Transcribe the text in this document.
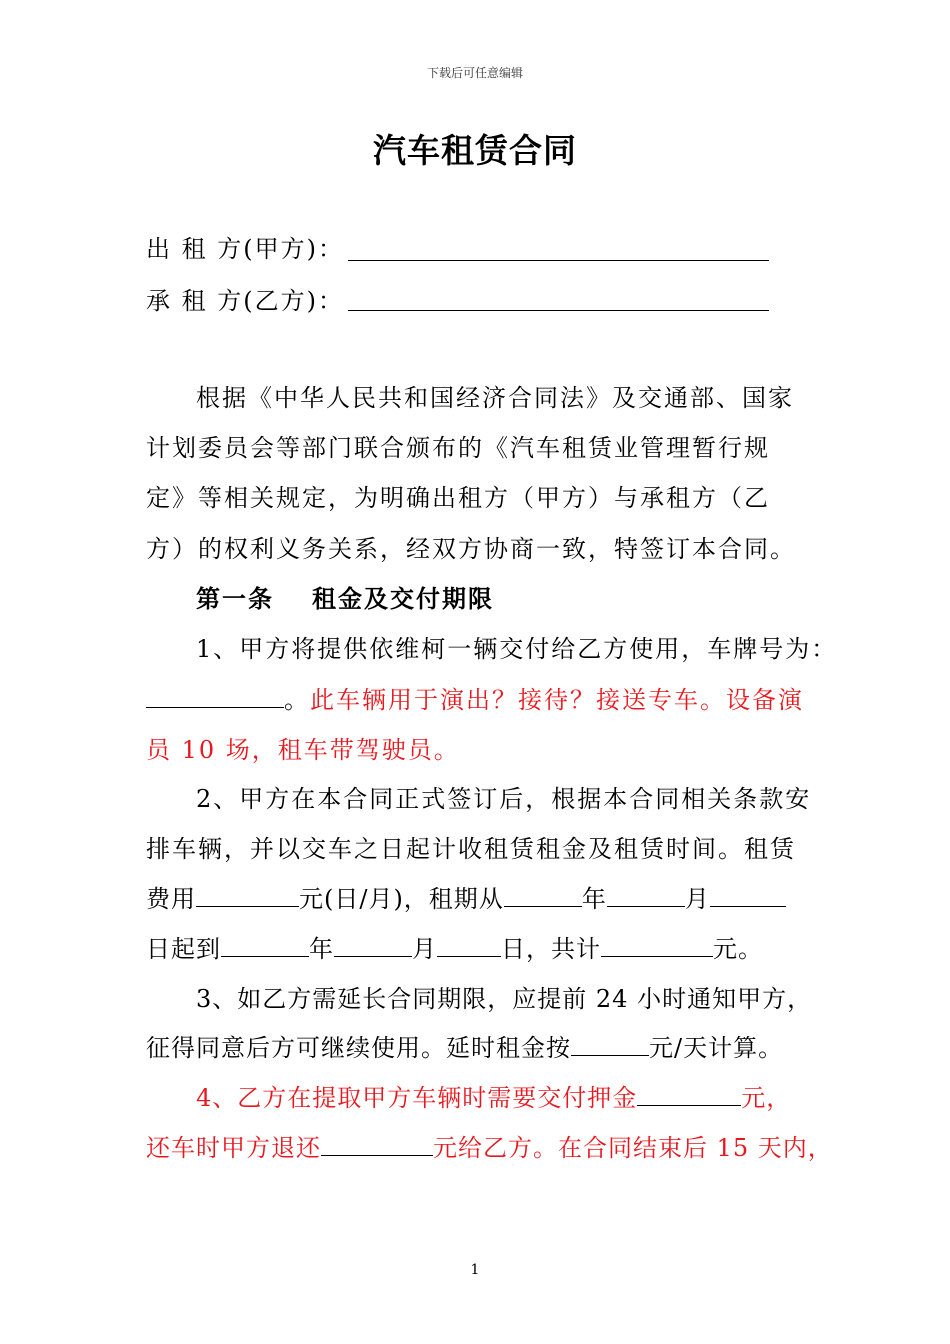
下载后可任意编辑
汽车租赁合同
出 租 方(甲方)：
承 租 方(乙方)：
根据《中华人民共和国经济合同法》及交通部、国家
计划委员会等部门联合颁布的《汽车租赁业管理暂行规
定》等相关规定，为明确出租方（甲方）与承租方（乙
方）的权利义务关系，经双方协商一致，特签订本合同。
第一条 租金及交付期限
1、甲方将提供依维柯一辆交付给乙方使用，车牌号为：
。此车辆用于演出？接待？接送专车。设备演
员 10 场，租车带驾驶员。
2、甲方在本合同正式签订后，根据本合同相关条款安
排车辆，并以交车之日起计收租赁租金及租赁时间。租赁
费用	元(日/月)，租期从	年	月
日起到	年	月	日，共计	元。
3、如乙方需延长合同期限，应提前 24 小时通知甲方，
征得同意后方可继续使用。延时租金按	元/天计算。
4、乙方在提取甲方车辆时需要交付押金	元，
还车时甲方退还	元给乙方。在合同结束后 15 天内，
1
